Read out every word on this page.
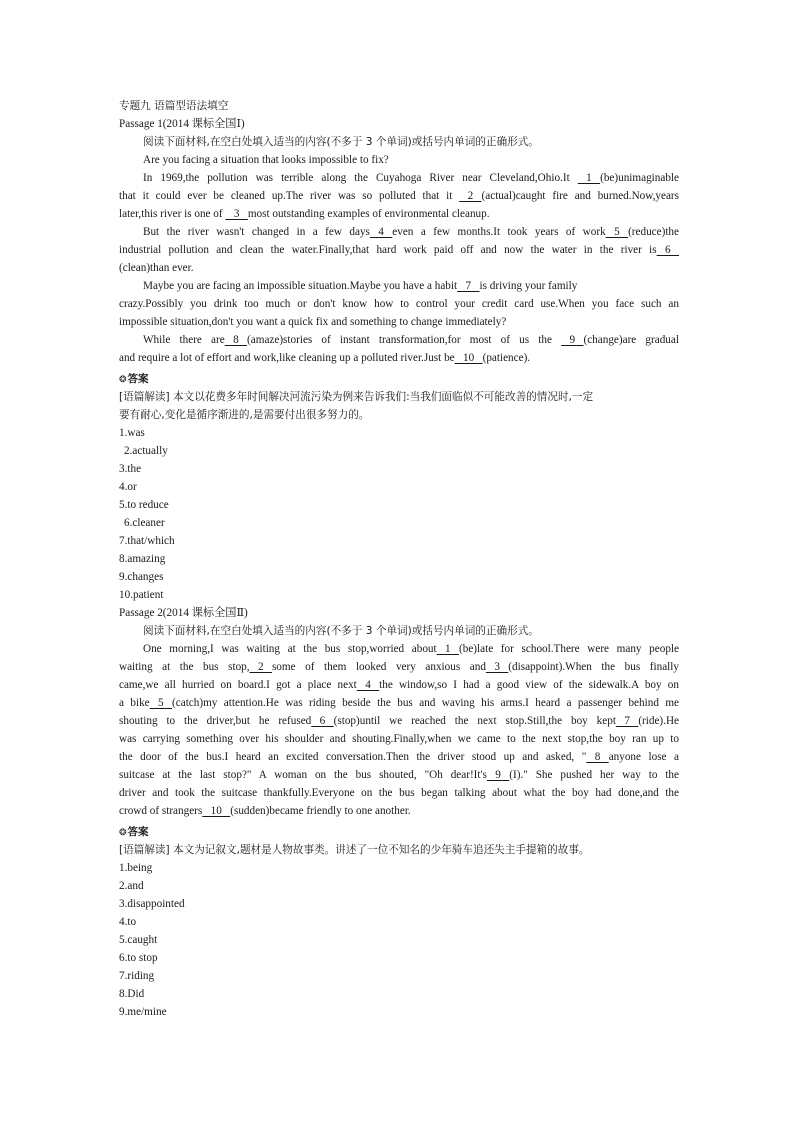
专题九 语篇型语法填空
Passage 1(2014 课标全国Ⅰ)
阅读下面材料,在空白处填入适当的内容(不多于 3 个单词)或括号内单词的正确形式。
Are you facing a situation that looks impossible to fix?
In 1969,the pollution was terrible along the Cuyahoga River near Cleveland,Ohio.It    1   (be)unimaginable
that it could ever be cleaned up.The river was so polluted that it    2   (actual)caught fire and burned.Now,years
later,this river is one of    3   most outstanding examples of environmental cleanup.
But the river wasn't changed in a few days   4   even a few months.It took years of work   5   (reduce)the
industrial pollution and clean the water.Finally,that hard work paid off and now the water in the river is   6
(clean)than ever.
Maybe you are facing an impossible situation.Maybe you have a habit   7   is driving your family
crazy.Possibly you drink too much or don't know how to control your credit card use.When you face such an
impossible situation,don't you want a quick fix and something to change immediately?
While there are   8   (amaze)stories of instant transformation,for most of us the    9   (change)are gradual
and require a lot of effort and work,like cleaning up a polluted river.Just be   10   (patience).
❂答案
[语篇解读] 本文以花费多年时间解决河流污染为例来告诉我们:当我们面临似不可能改善的情况时,一定
要有耐心,变化是循序渐进的,是需要付出很多努力的。
1.was
2.actually
3.the
4.or
5.to reduce
6.cleaner
7.that/which
8.amazing
9.changes
10.patient
Passage 2(2014 课标全国Ⅱ)
阅读下面材料,在空白处填入适当的内容(不多于 3 个单词)或括号内单词的正确形式。
One morning,I was waiting at the bus stop,worried about   1   (be)late for school.There were many people
waiting at the bus stop,   2   some of them looked very anxious and   3   (disappoint).When the bus finally
came,we all hurried on board.I got a place next   4   the window,so I had a good view of the sidewalk.A boy on
a bike   5   (catch)my attention.He was riding beside the bus and waving his arms.I heard a passenger behind me
shouting to the driver,but he refused   6   (stop)until we reached the next stop.Still,the boy kept   7   (ride).He
was carrying something over his shoulder and shouting.Finally,when we came to the next stop,the boy ran up to
the door of the bus.I heard an excited conversation.Then the driver stood up and asked, "   8   anyone lose a
suitcase at the last stop?" A woman on the bus shouted, "Oh dear!It's   9   (I)." She pushed her way to the
driver and took the suitcase thankfully.Everyone on the bus began talking about what the boy had done,and the
crowd of strangers   10   (sudden)became friendly to one another.
❂答案
[语篇解读] 本文为记叙文,题材是人物故事类。讲述了一位不知名的少年骑车追还失主手提箱的故事。
1.being
2.and
3.disappointed
4.to
5.caught
6.to stop
7.riding
8.Did
9.me/mine
